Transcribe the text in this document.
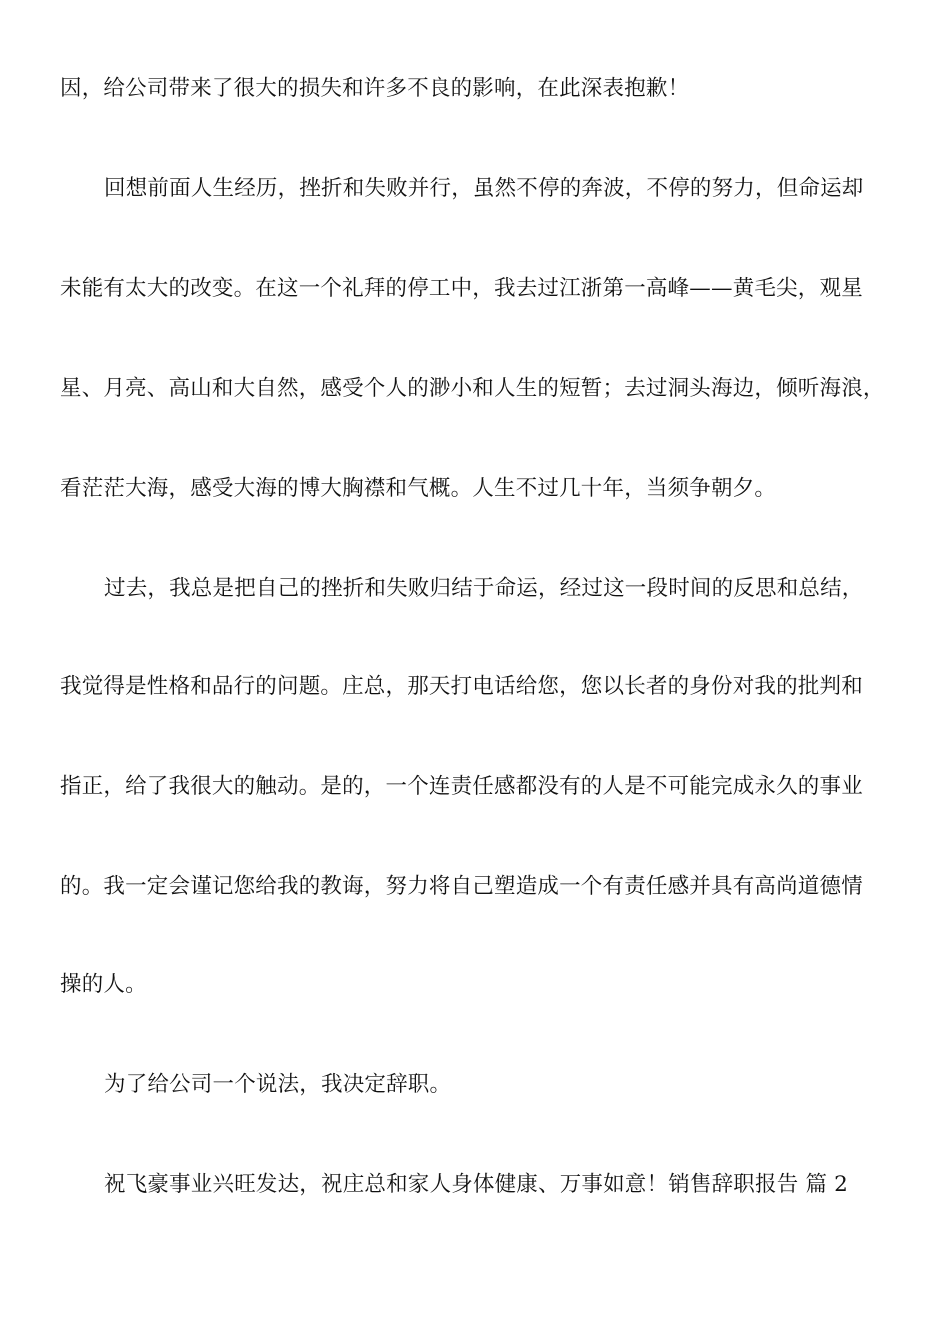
因，给公司带来了很大的损失和许多不良的影响，在此深表抱歉！
回想前面人生经历，挫折和失败并行，虽然不停的奔波，不停的努力，但命运却
未能有太大的改变。在这一个礼拜的停工中，我去过江浙第一高峰——黄毛尖，观星
星、月亮、高山和大自然，感受个人的渺小和人生的短暂；去过洞头海边，倾听海浪，
看茫茫大海，感受大海的博大胸襟和气概。人生不过几十年，当须争朝夕。
过去，我总是把自己的挫折和失败归结于命运，经过这一段时间的反思和总结，
我觉得是性格和品行的问题。庄总，那天打电话给您，您以长者的身份对我的批判和
指正，给了我很大的触动。是的，一个连责任感都没有的人是不可能完成永久的事业
的。我一定会谨记您给我的教诲，努力将自己塑造成一个有责任感并具有高尚道德情
操的人。
为了给公司一个说法，我决定辞职。
祝飞豪事业兴旺发达，祝庄总和家人身体健康、万事如意！销售辞职报告 篇 2
